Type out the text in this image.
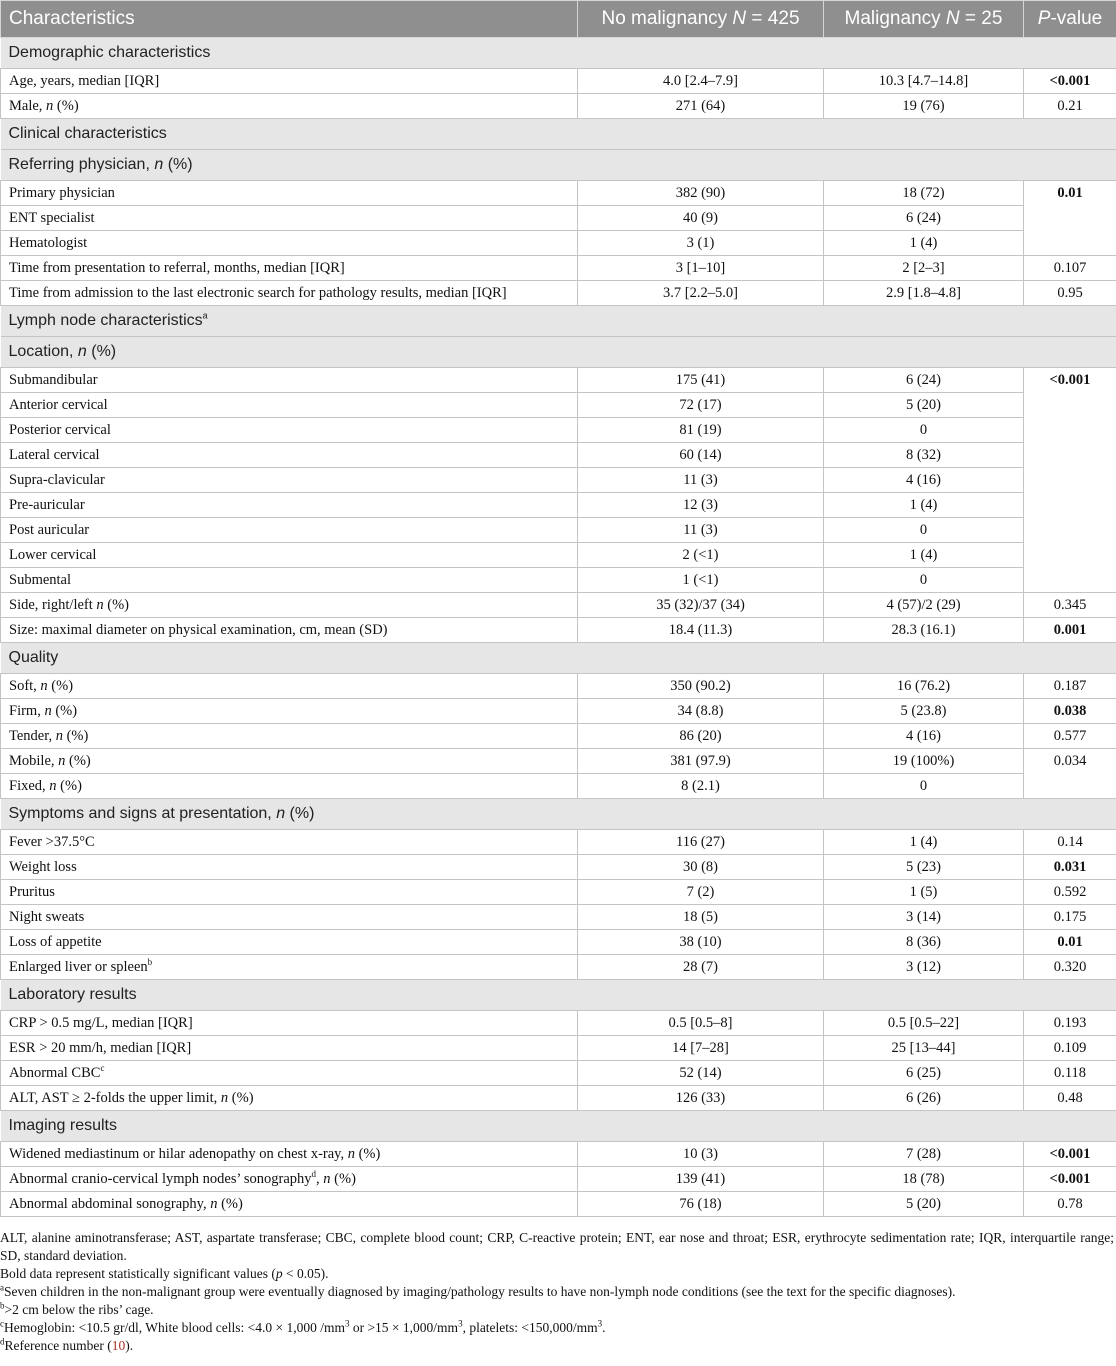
Characteristics	No malignancy N = 425	Malignancy N = 25	P-value
Demographic characteristics			
Age, years, median [IQR]	4.0 [2.4–7.9]	10.3 [4.7–14.8]	<0.001
Male, n (%)	271 (64)	19 (76)	0.21
Clinical characteristics			
Referring physician, n (%)			
Primary physician	382 (90)	18 (72)	0.01
ENT specialist	40 (9)	6 (24)	
Hematologist	3 (1)	1 (4)	
Time from presentation to referral, months, median [IQR]	3 [1–10]	2 [2–3]	0.107
Time from admission to the last electronic search for pathology results, median [IQR]	3.7 [2.2–5.0]	2.9 [1.8–4.8]	0.95
Lymph node characteristics$^a$
Location, n (%)			
Submandibular	175 (41)	6 (24)	<0.001
Anterior cervical	72 (17)	5 (20)	
Posterior cervical	81 (19)	0	
Lateral cervical	60 (14)	8 (32)	
Supra-clavicular	11 (3)	4 (16)	
Pre-auricular	12 (3)	1 (4)	
Post auricular	11 (3)	0	
Lower cervical	2 (<1)	1 (4)	
Submental	1 (<1)	0	
Side, right/left n (%)	35 (32)/37 (34)	4 (57)/2 (29)	0.345
Size: maximal diameter on physical examination, cm, mean (SD)	18.4 (11.3)	28.3 (16.1)	0.001
Quality			
Soft, n (%)	350 (90.2)	16 (76.2)	0.187
Firm, n (%)	34 (8.8)	5 (23.8)	0.038
Tender, n (%)	86 (20)	4 (16)	0.577
Mobile, n (%)	381 (97.9)	19 (100%)	0.034
Fixed, n (%)	8 (2.1)	0	
Symptoms and signs at presentation, n (%)			
Fever >37.5°C	116 (27)	1 (4)	0.14
Weight loss	30 (8)	5 (23)	0.031
Pruritus	7 (2)	1 (5)	0.592
Night sweats	18 (5)	3 (14)	0.175
Loss of appetite	38 (10)	8 (36)	0.01
Enlarged liver or spleen$^b$	28 (7)	3 (12)	0.320
Laboratory results			
CRP > 0.5 mg/L, median [IQR]	0.5 [0.5–8]	0.5 [0.5–22]	0.193
ESR > 20 mm/h, median [IQR]	14 [7–28]	25 [13–44]	0.109
Abnormal CBC$^c$	52 (14)	6 (25)	0.118
ALT, AST ≥ 2-folds the upper limit, n (%)	126 (33)	6 (26)	0.48
Imaging results			
Widened mediastinum or hilar adenopathy on chest x-ray, n (%)	10 (3)	7 (28)	<0.001
Abnormal cranio-cervical lymph nodes’ sonography$^d$, n (%)	139 (41)	18 (78)	<0.001
Abnormal abdominal sonography, n (%)	76 (18)	5 (20)	0.78

ALT, alanine aminotransferase; AST, aspartate transferase; CBC, complete blood count; CRP, C-reactive protein; ENT, ear nose and throat; ESR, erythrocyte sedimentation rate; IQR, interquartile range; SD, standard deviation.

Bold data represent statistically significant values (p < 0.05).

$^a$Seven children in the non-malignant group were eventually diagnosed by imaging/pathology results to have non-lymph node conditions (see the text for the specific diagnoses).

$^b$>2 cm below the ribs’ cage.

$^c$Hemoglobin: <10.5 gr/dl, White blood cells: <4.0 × 1,000 $/mm^3$ or $>15 \times 1,000/mm^3$, platelets: $<150,000/mm^3$.

$^d$Reference number (10).
